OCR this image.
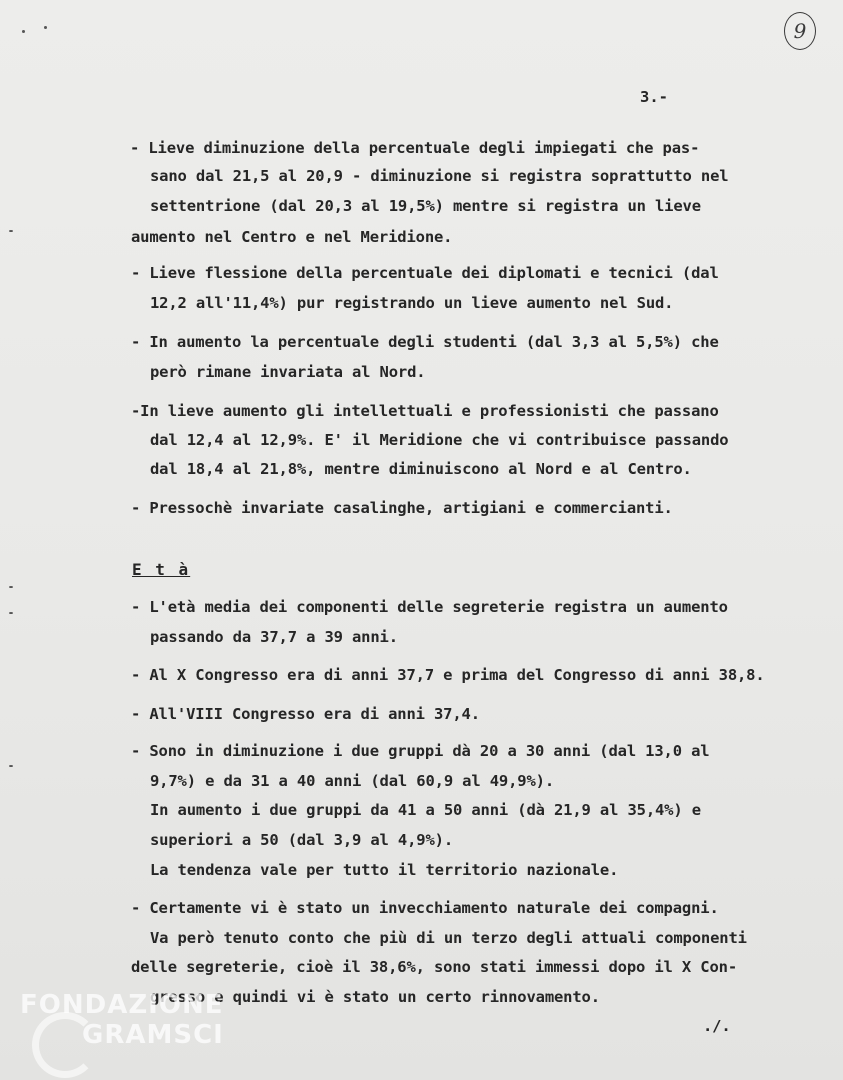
9
3.-
- Lieve diminuzione della percentuale degli impiegati che pas-
sano dal 21,5 al 20,9 - diminuzione si registra soprattutto nel
settentrione (dal 20,3 al 19,5%) mentre si registra un lieve
aumento nel Centro e nel Meridione.
- Lieve flessione della percentuale dei diplomati e tecnici (dal
12,2 all'11,4%) pur registrando un lieve aumento nel Sud.
- In aumento la percentuale degli studenti (dal 3,3 al 5,5%) che
però rimane invariata al Nord.
-In lieve aumento gli intellettuali e professionisti che passano
dal 12,4 al 12,9%. E' il Meridione che vi contribuisce passando
dal 18,4 al 21,8%, mentre diminuiscono al Nord e al Centro.
- Pressochè invariate casalinghe, artigiani e commercianti.
E t à
- L'età media dei componenti delle segreterie registra un aumento
passando da 37,7 a 39 anni.
- Al X Congresso era di anni 37,7 e prima del Congresso di anni 38,8.
- All'VIII Congresso era di anni 37,4.
- Sono in diminuzione i due gruppi dà 20 a 30 anni (dal 13,0 al
9,7%) e da 31 a 40 anni (dal 60,9 al 49,9%).
In aumento i due gruppi da 41 a 50 anni (dà 21,9 al 35,4%) e
superiori a 50 (dal 3,9 al 4,9%).
La tendenza vale per tutto il territorio nazionale.
- Certamente vi è stato un invecchiamento naturale dei compagni.
Va però tenuto conto che più di un terzo degli attuali componenti
delle segreterie, cioè il 38,6%, sono stati immessi dopo il X Con-
gresso e quindi vi è stato un certo rinnovamento.
./.
FONDAZIONE
GRAMSCI
